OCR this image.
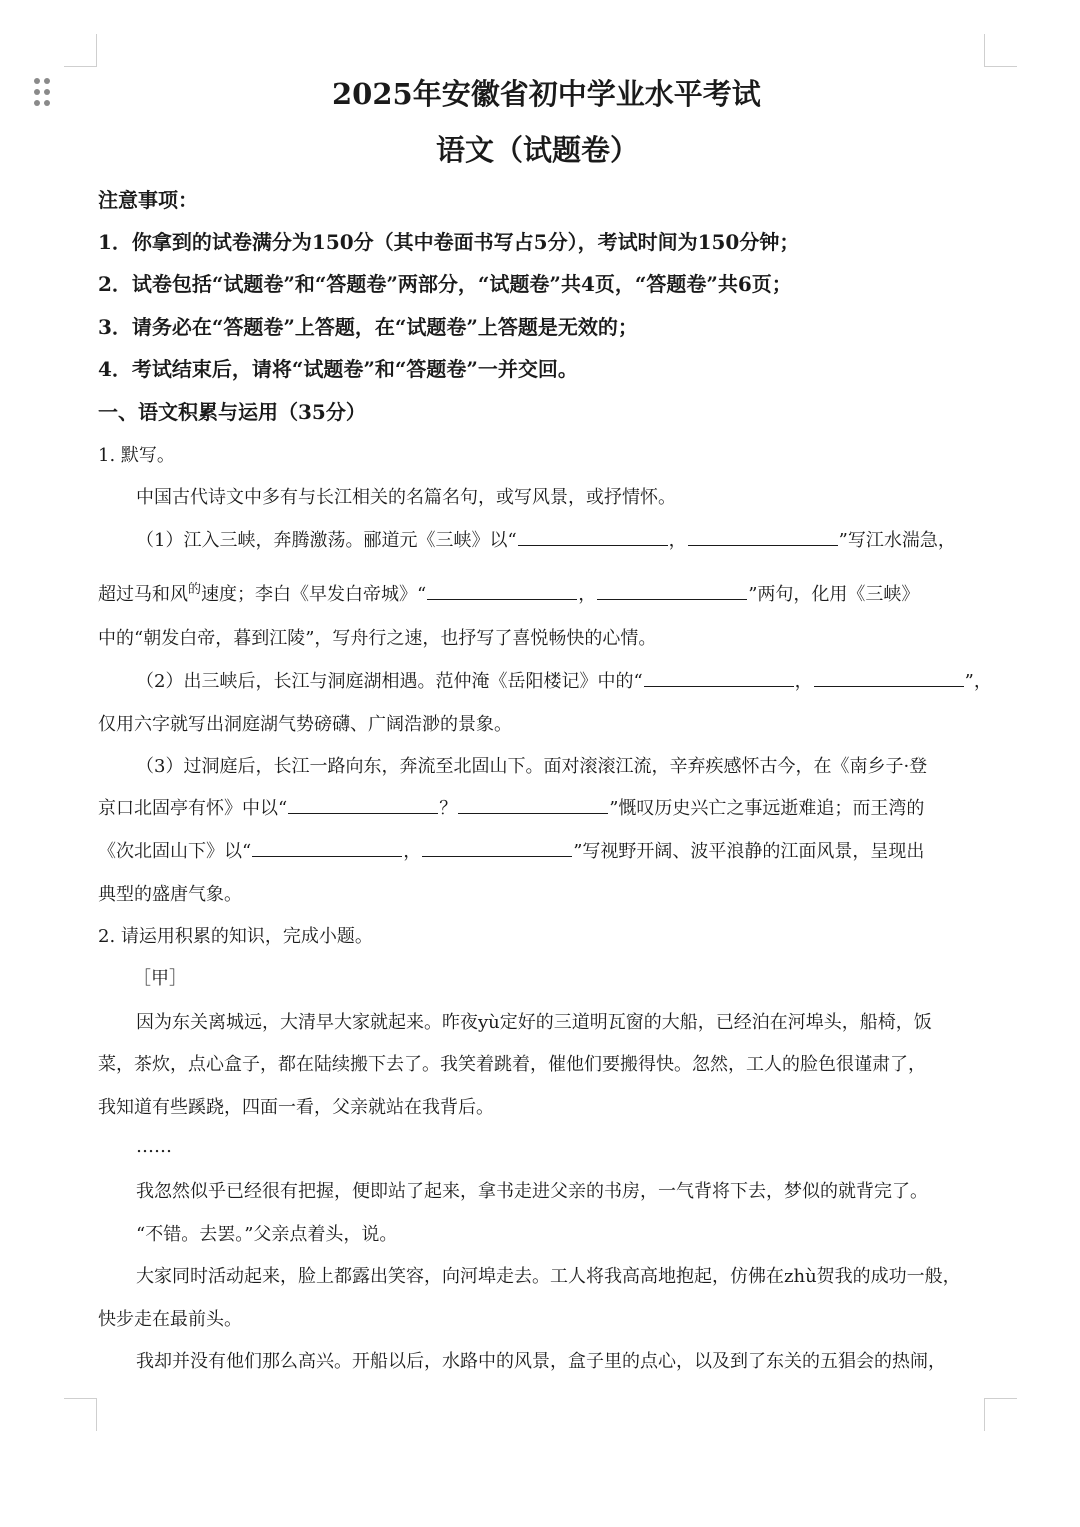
2025年安徽省初中学业水平考试
语文（试题卷）
注意事项：
1．你拿到的试卷满分为150分（其中卷面书写占5分），考试时间为150分钟；
2．试卷包括“试题卷”和“答题卷”两部分，“试题卷”共4页，“答题卷”共6页；
3．请务必在“答题卷”上答题，在“试题卷”上答题是无效的；
4．考试结束后，请将“试题卷”和“答题卷”一并交回。
一、语文积累与运用（35分）
1. 默写。
中国古代诗文中多有与长江相关的名篇名句，或写风景，或抒情怀。
（1）江入三峡，奔腾激荡。郦道元《三峡》以“	，	”写江水湍急，
超过马和风$^的$速度；李白《早发白帝城》“	，	”两句，化用《三峡》
中的“朝发白帝，暮到江陵”，写舟行之速，也抒写了喜悦畅快的心情。
（2）出三峡后，长江与洞庭湖相遇。范仲淹《岳阳楼记》中的“	，	”，
仅用六字就写出洞庭湖气势磅礴、广阔浩渺的景象。
（3）过洞庭后，长江一路向东，奔流至北固山下。面对滚滚江流，辛弃疾感怀古今，在《南乡子·登
京口北固亭有怀》中以“	？	”慨叹历史兴亡之事远逝难追；而王湾的
《次北固山下》以“	，	”写视野开阔、波平浪静的江面风景，呈现出
典型的盛唐气象。
2. 请运用积累的知识，完成小题。
［甲］
因为东关离城远，大清早大家就起来。昨夜yù定好的三道明瓦窗的大船，已经泊在河埠头，船椅，饭
菜，茶炊，点心盒子，都在陆续搬下去了。我笑着跳着，催他们要搬得快。忽然，工人的脸色很谨肃了，
我知道有些蹊跷，四面一看，父亲就站在我背后。
……
我忽然似乎已经很有把握，便即站了起来，拿书走进父亲的书房，一气背将下去，梦似的就背完了。
“不错。去罢。”父亲点着头，说。
大家同时活动起来，脸上都露出笑容，向河埠走去。工人将我高高地抱起，仿佛在zhù贺我的成功一般，
快步走在最前头。
我却并没有他们那么高兴。开船以后，水路中的风景，盒子里的点心，以及到了东关的五猖会的热闹，
